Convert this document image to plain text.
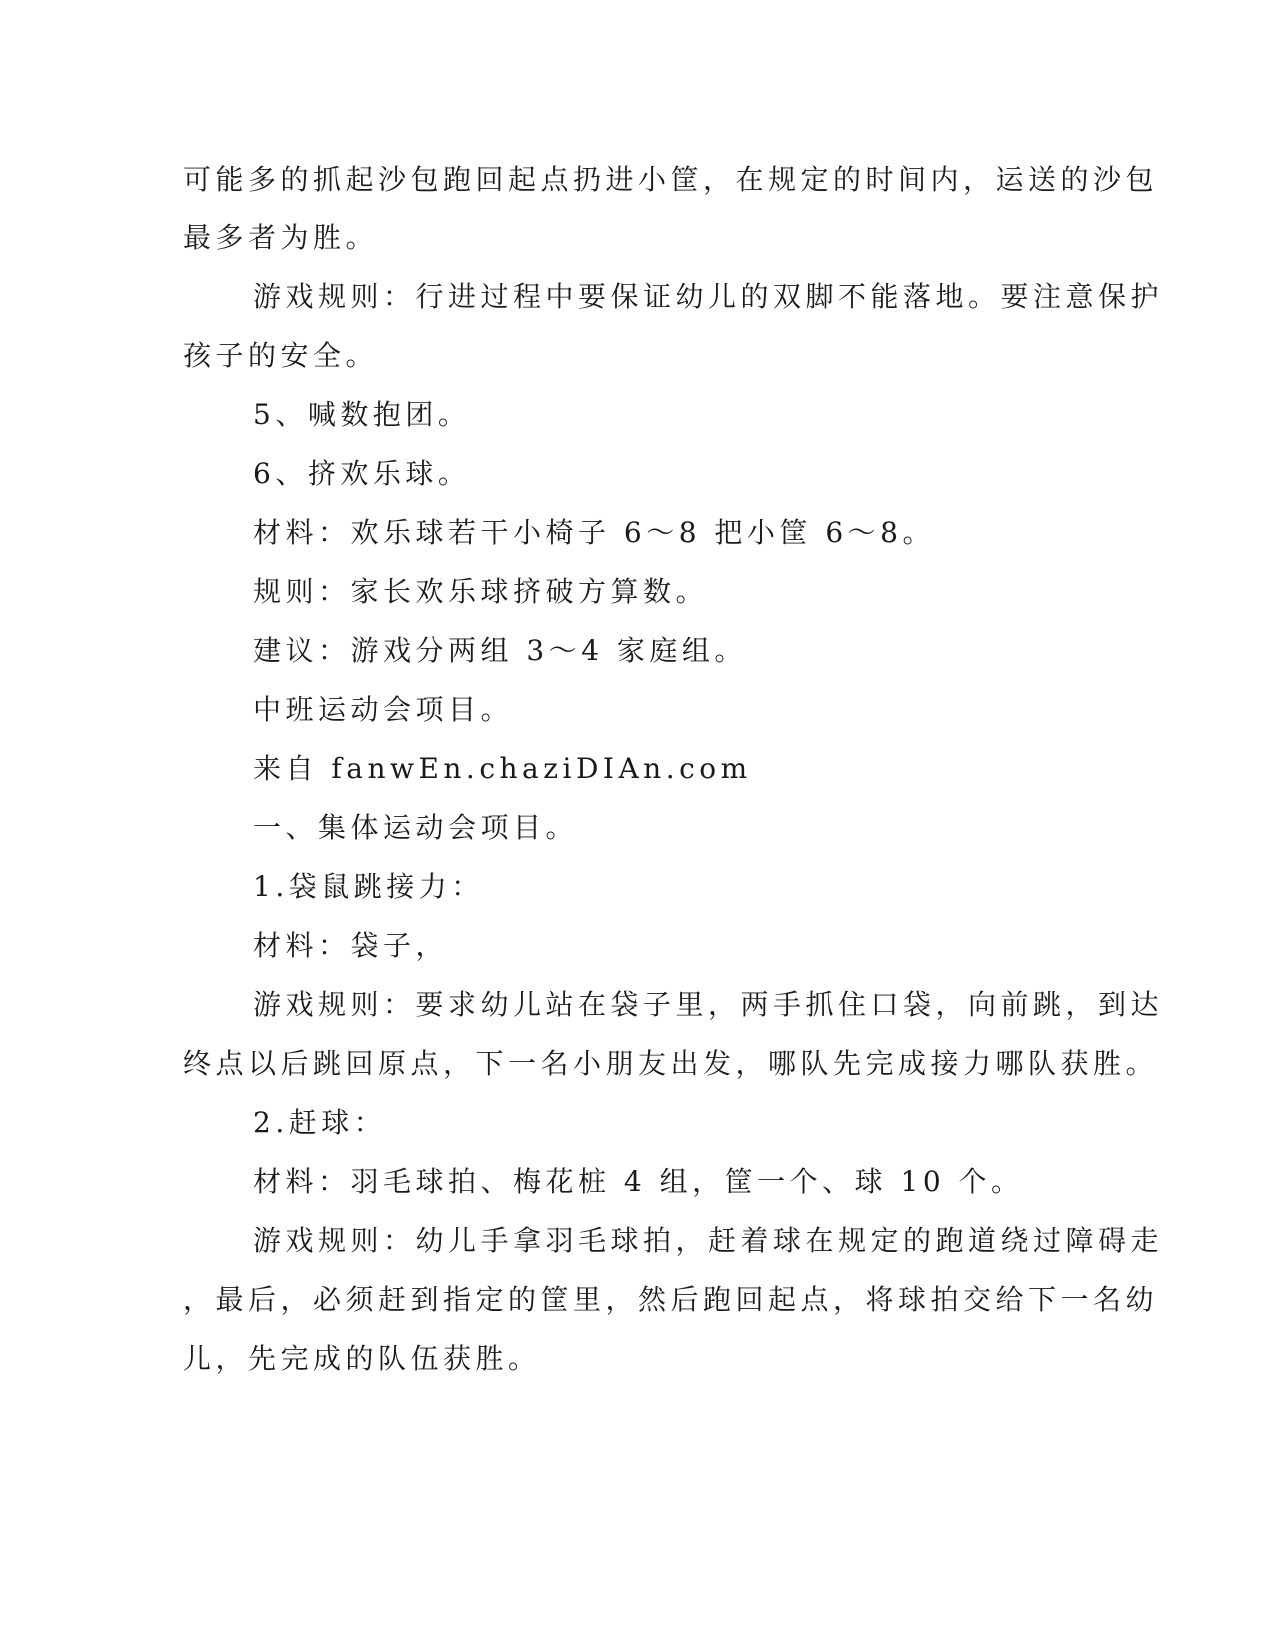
可能多的抓起沙包跑回起点扔进小筐，在规定的时间内，运送的沙包
最多者为胜。
游戏规则：行进过程中要保证幼儿的双脚不能落地。要注意保护
孩子的安全。
5、喊数抱团。
6、挤欢乐球。
材料：欢乐球若干小椅子 6～8 把小筐 6～8。
规则：家长欢乐球挤破方算数。
建议：游戏分两组 3～4 家庭组。
中班运动会项目。
来自 fanwEn.chaziDIAn.com
一、集体运动会项目。
1.袋鼠跳接力：
材料：袋子，
游戏规则：要求幼儿站在袋子里，两手抓住口袋，向前跳，到达
终点以后跳回原点，下一名小朋友出发，哪队先完成接力哪队获胜。
2.赶球：
材料：羽毛球拍、梅花桩 4 组，筐一个、球 10 个。
游戏规则：幼儿手拿羽毛球拍，赶着球在规定的跑道绕过障碍走
，最后，必须赶到指定的筐里，然后跑回起点，将球拍交给下一名幼
儿，先完成的队伍获胜。
